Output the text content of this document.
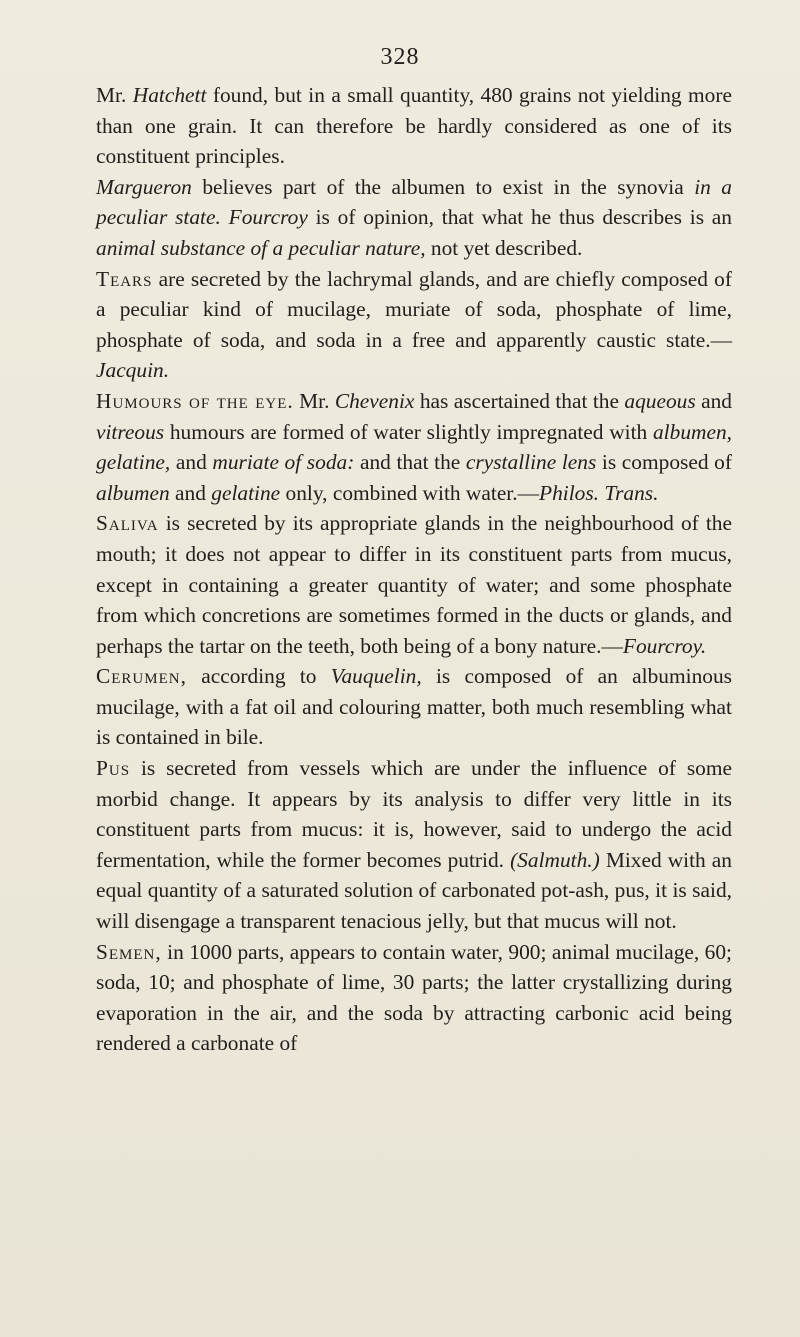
328

Mr. Hatchett found, but in a small quantity, 480 grains not yielding more than one grain. It can therefore be hardly considered as one of its constituent principles.

Margueron believes part of the albumen to exist in the synovia in a peculiar state. Fourcroy is of opinion, that what he thus describes is an animal substance of a peculiar nature, not yet described.

Tears are secreted by the lachrymal glands, and are chiefly composed of a peculiar kind of mucilage, muriate of soda, phosphate of lime, phosphate of soda, and soda in a free and apparently caustic state.—Jacquin.

Humours of the eye. Mr. Chevenix has ascertained that the aqueous and vitreous humours are formed of water slightly impregnated with albumen, gelatine, and muriate of soda: and that the crystalline lens is composed of albumen and gelatine only, combined with water.—Philos. Trans.

Saliva is secreted by its appropriate glands in the neighbourhood of the mouth; it does not appear to differ in its constituent parts from mucus, except in containing a greater quantity of water; and some phosphate from which concretions are sometimes formed in the ducts or glands, and perhaps the tartar on the teeth, both being of a bony nature.—Fourcroy.

Cerumen, according to Vauquelin, is composed of an albuminous mucilage, with a fat oil and colouring matter, both much resembling what is contained in bile.

Pus is secreted from vessels which are under the influence of some morbid change. It appears by its analysis to differ very little in its constituent parts from mucus: it is, however, said to undergo the acid fermentation, while the former becomes putrid. (Salmuth.) Mixed with an equal quantity of a saturated solution of carbonated pot-ash, pus, it is said, will disengage a transparent tenacious jelly, but that mucus will not.

Semen, in 1000 parts, appears to contain water, 900; animal mucilage, 60; soda, 10; and phosphate of lime, 30 parts; the latter crystallizing during evaporation in the air, and the soda by attracting carbonic acid being rendered a carbonate of
